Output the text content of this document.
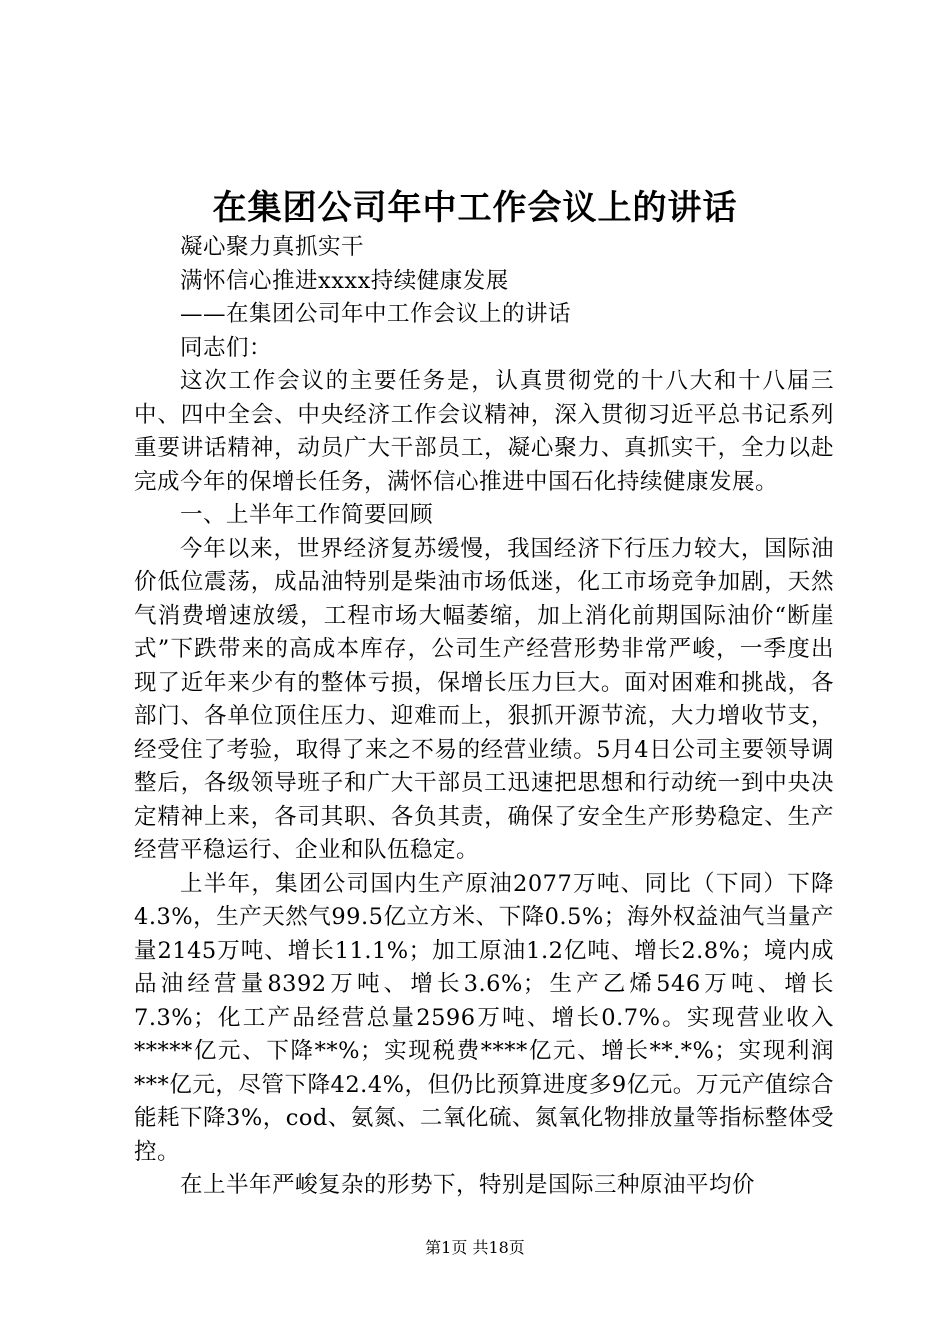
在集团公司年中工作会议上的讲话
凝心聚力真抓实干
满怀信心推进xxxx持续健康发展
——在集团公司年中工作会议上的讲话
同志们：

这次工作会议的主要任务是，认真贯彻党的十八大和十八届三中、四中全会、中央经济工作会议精神，深入贯彻习近平总书记系列重要讲话精神，动员广大干部员工，凝心聚力、真抓实干，全力以赴完成今年的保增长任务，满怀信心推进中国石化持续健康发展。

一、上半年工作简要回顾

今年以来，世界经济复苏缓慢，我国经济下行压力较大，国际油价低位震荡，成品油特别是柴油市场低迷，化工市场竞争加剧，天然气消费增速放缓，工程市场大幅萎缩，加上消化前期国际油价“断崖式”下跌带来的高成本库存，公司生产经营形势非常严峻，一季度出现了近年来少有的整体亏损，保增长压力巨大。面对困难和挑战，各部门、各单位顶住压力、迎难而上，狠抓开源节流，大力增收节支，经受住了考验，取得了来之不易的经营业绩。5月4日公司主要领导调整后，各级领导班子和广大干部员工迅速把思想和行动统一到中央决定精神上来，各司其职、各负其责，确保了安全生产形势稳定、生产经营平稳运行、企业和队伍稳定。

上半年，集团公司国内生产原油2077万吨、同比（下同）下降4.3%，生产天然气99.5亿立方米、下降0.5%；海外权益油气当量产量2145万吨、增长11.1%；加工原油1.2亿吨、增长2.8%；境内成品油经营量8392万吨、增长3.6%；生产乙烯546万吨、增长7.3%；化工产品经营总量2596万吨、增长0.7%。实现营业收入*****亿元、下降**%；实现税费****亿元、增长**.*%；实现利润***亿元，尽管下降42.4%，但仍比预算进度多9亿元。万元产值综合能耗下降3%，cod、氨氮、二氧化硫、氮氧化物排放量等指标整体受控。

在上半年严峻复杂的形势下，特别是国际三种原油平均价

第1页 共18页
